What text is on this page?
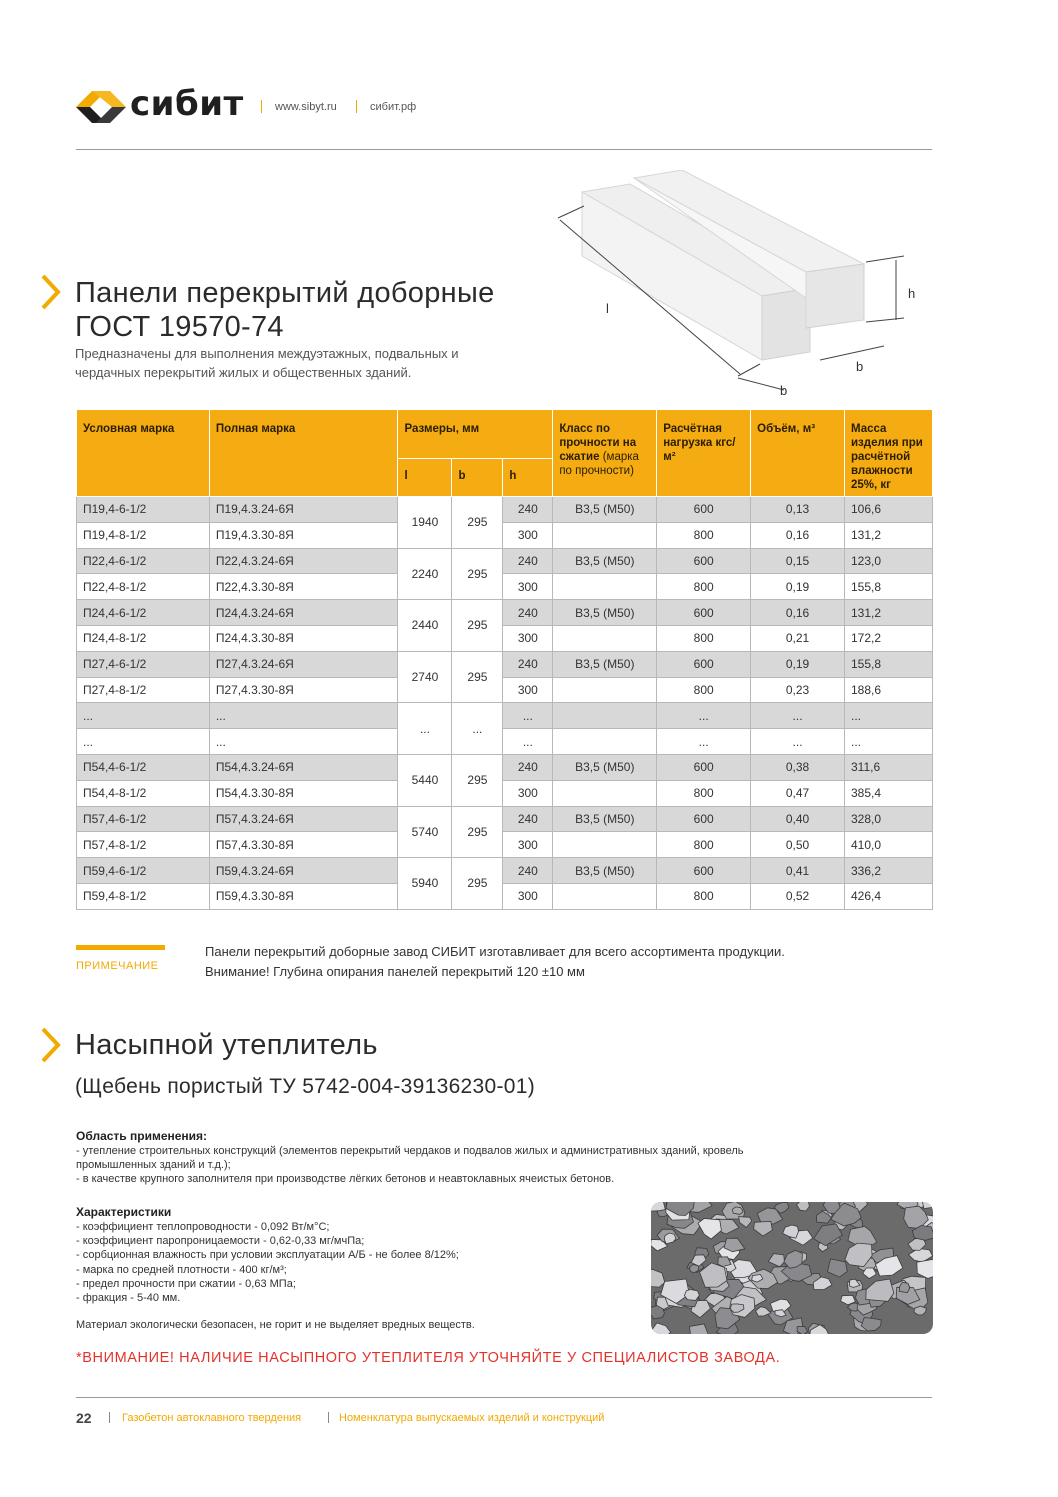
сибит	www.sibyt.ru	сибит.рф
Панели перекрытий доборные
ГОСТ 19570-74
Предназначены для выполнения междуэтажных, подвальных и
чердачных перекрытий жилых и общественных зданий.
l
b
b
h
Условная марка	Полная марка	Размеры, мм			Класс по прочности на сжатие (марка по прочности)	Расчётная нагрузка кгс/м²	Объём, м³	Масса изделия при расчётной влажности 25%, кг
		l	b	h				
П19,4-6-1/2	П19,4.3.24-6Я	1940	295	240	В3,5 (М50)	600	0,13	106,6
П19,4-8-1/2	П19,4.3.30-8Я			300		800	0,16	131,2
П22,4-6-1/2	П22,4.3.24-6Я	2240	295	240	В3,5 (М50)	600	0,15	123,0
П22,4-8-1/2	П22,4.3.30-8Я			300		800	0,19	155,8
П24,4-6-1/2	П24,4.3.24-6Я	2440	295	240	В3,5 (М50)	600	0,16	131,2
П24,4-8-1/2	П24,4.3.30-8Я			300		800	0,21	172,2
П27,4-6-1/2	П27,4.3.24-6Я	2740	295	240	В3,5 (М50)	600	0,19	155,8
П27,4-8-1/2	П27,4.3.30-8Я			300		800	0,23	188,6
...	...	...	...	...		...	...	...
...	...			...		...	...	...
П54,4-6-1/2	П54,4.3.24-6Я	5440	295	240	В3,5 (М50)	600	0,38	311,6
П54,4-8-1/2	П54,4.3.30-8Я			300		800	0,47	385,4
П57,4-6-1/2	П57,4.3.24-6Я	5740	295	240	В3,5 (М50)	600	0,40	328,0
П57,4-8-1/2	П57,4.3.30-8Я			300		800	0,50	410,0
П59,4-6-1/2	П59,4.3.24-6Я	5940	295	240	В3,5 (М50)	600	0,41	336,2
П59,4-8-1/2	П59,4.3.30-8Я			300		800	0,52	426,4
ПРИМЕЧАНИЕ
Панели перекрытий доборные завод СИБИТ изготавливает для всего ассортимента продукции.
Внимание! Глубина опирания панелей перекрытий 120 ±10 мм
Насыпной утеплитель
(Щебень пористый ТУ 5742-004-39136230-01)
Область применения:
- утепление строительных конструкций (элементов перекрытий чердаков и подвалов жилых и административных зданий, кровель
промышленных зданий и т.д.);
- в качестве крупного заполнителя при производстве лёгких бетонов и неавтоклавных ячеистых бетонов.
Характеристики
- коэффициент теплопроводности - 0,092 Вт/м°С;
- коэффициент паропроницаемости - 0,62-0,33 мг/мчПа;
- сорбционная влажность при условии эксплуатации А/Б - не более 8/12%;
- марка по средней плотности - 400 кг/м³;
- предел прочности при сжатии - 0,63 МПа;
- фракция - 5-40 мм.
Материал экологически безопасен, не горит и не выделяет вредных веществ.
*ВНИМАНИЕ! НАЛИЧИЕ НАСЫПНОГО УТЕПЛИТЕЛЯ УТОЧНЯЙТЕ У СПЕЦИАЛИСТОВ ЗАВОДА.
22	Газобетон автоклавного твердения	Номенклатура выпускаемых изделий и конструкций
